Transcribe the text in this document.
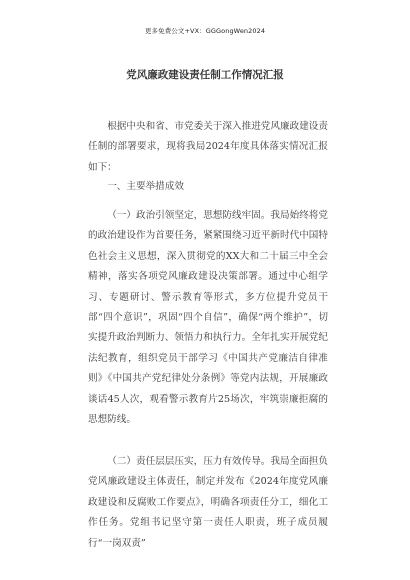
更多免费公文+VX：GGGongWen2024
党风廉政建设责任制工作情况汇报

根据中央和省、市党委关于深入推进党风廉政建设责任制的部署要求，现将我局2024年度具体落实情况汇报如下：

一、主要举措成效

（一）政治引领坚定，思想防线牢固。我局始终将党的政治建设作为首要任务，紧紧围绕习近平新时代中国特色社会主义思想，深入贯彻党的XX大和二十届三中全会精神，落实各项党风廉政建设决策部署。通过中心组学习、专题研讨、警示教育等形式，多方位提升党员干部“四个意识”，巩固“四个自信”，确保“两个维护”，切实提升政治判断力、领悟力和执行力。全年扎实开展党纪法纪教育，组织党员干部学习《中国共产党廉洁自律准则》《中国共产党纪律处分条例》等党内法规，开展廉政谈话45人次，观看警示教育片25场次，牢筑崇廉拒腐的思想防线。

（二）责任层层压实，压力有效传导。我局全面担负党风廉政建设主体责任，制定并发布《2024年度党风廉政建设和反腐败工作要点》，明确各项责任分工，细化工作任务。党组书记坚守第一责任人职责，班子成员履行“一岗双责”
